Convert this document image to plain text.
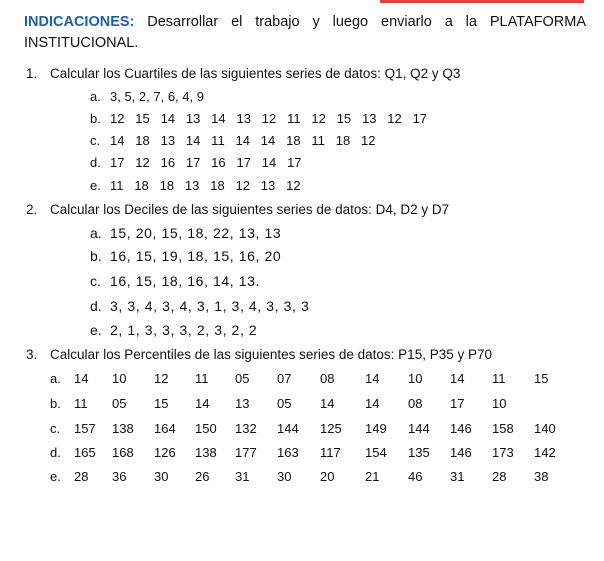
INDICACIONES: Desarrollar el trabajo y luego enviarlo a la PLATAFORMA INSTITUCIONAL.
1. Calcular los Cuartiles de las siguientes series de datos: Q1, Q2 y Q3
a. 3, 5, 2, 7, 6, 4, 9
b. 12   15   14   13   14   13   12   11   12   15   13   12   17
c. 14   18   13   14   11   14   14   18   11   18   12
d. 17   12   16   17   16   17   14   17
e. 11   18   18   13   18   12   13   12
2. Calcular los Deciles de las siguientes series de datos: D4, D2 y D7
a. 15, 20, 15, 18, 22, 13, 13
b. 16, 15, 19, 18, 15, 16, 20
c. 16, 15, 18, 16, 14, 13.
d. 3, 3, 4, 3, 4, 3, 1, 3, 4, 3, 3, 3
e. 2, 1, 3, 3, 3, 2, 3, 2, 2
3. Calcular los Percentiles de las siguientes series de datos: P15, P35 y P70
a. 14 10 12 11 05 07 08 14 10 14 11 15
b. 11 05 15 14 13 05 14 14 08 17 10
c. 157 138 164 150 132 144 125 149 144 146 158 140
d. 165 168 126 138 177 163 117 154 135 146 173 142
e. 28 36 30 26 31 30 20 21 46 31 28 38
